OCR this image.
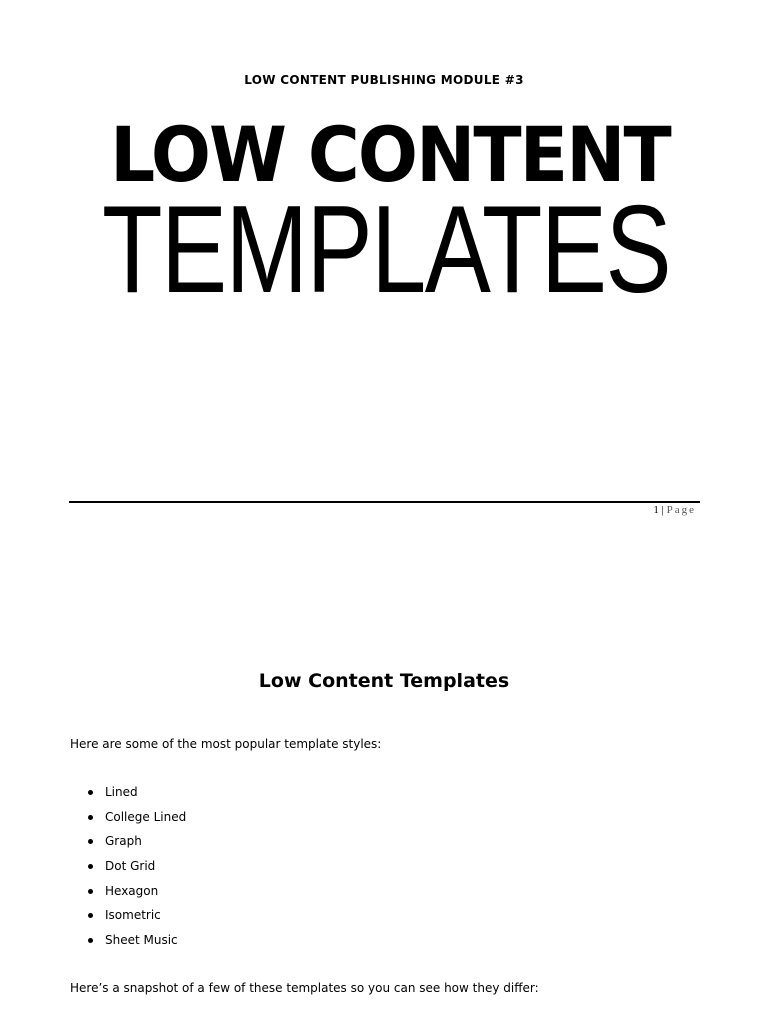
LOW CONTENT PUBLISHING MODULE #3
LOW CONTENT
TEMPLATES
1 | Page
Low Content Templates
Here are some of the most popular template styles:
Lined
College Lined
Graph
Dot Grid
Hexagon
Isometric
Sheet Music
Here’s a snapshot of a few of these templates so you can see how they differ:
